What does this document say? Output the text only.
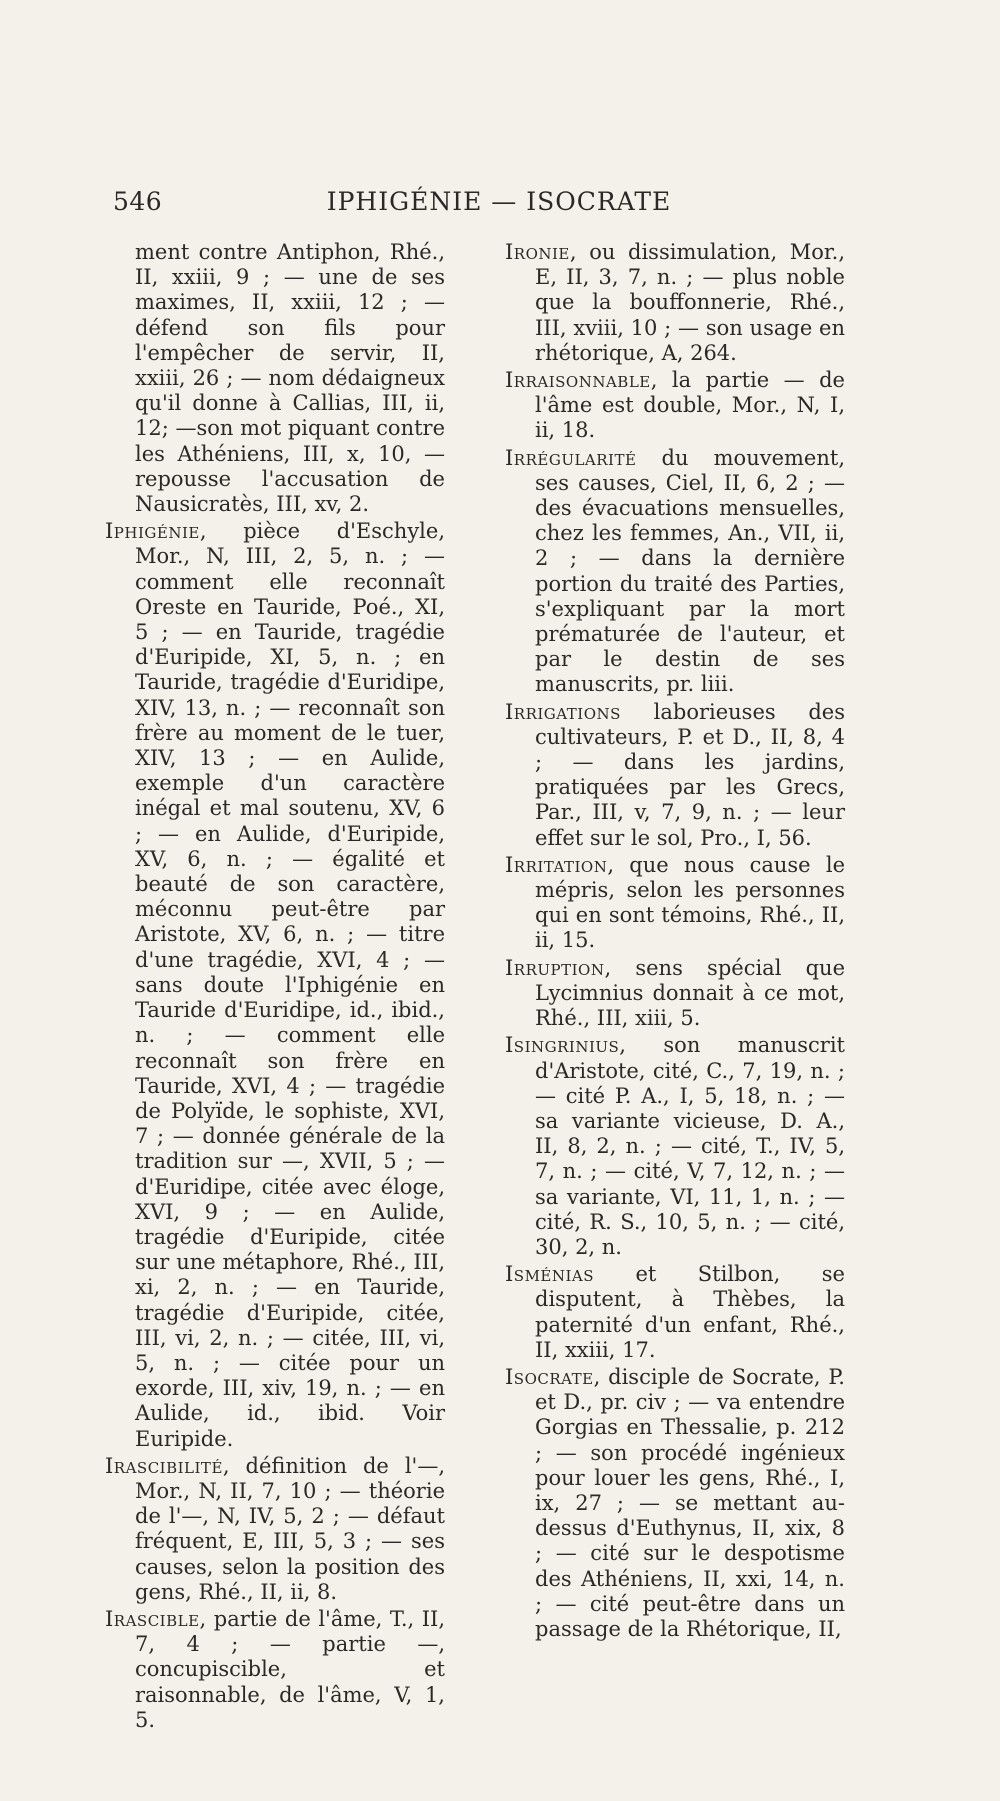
546	IPHIGÉNIE — ISOCRATE

ment contre Antiphon, Rhé., II, xxiii, 9 ; — une de ses maximes, II, xxiii, 12 ; — défend son fils pour l'empêcher de servir, II, xxiii, 26 ; — nom dédaigneux qu'il donne à Callias, III, ii, 12; —son mot piquant contre les Athéniens, III, x, 10, — repousse l'accusation de Nausicratès, III, xv, 2.

Iphigénie, pièce d'Eschyle, Mor., N, III, 2, 5, n. ; — comment elle reconnaît Oreste en Tauride, Poé., XI, 5 ; — en Tauride, tragédie d'Euripide, XI, 5, n. ; en Tauride, tragédie d'Euridipe, XIV, 13, n. ; — reconnaît son frère au moment de le tuer, XIV, 13 ; — en Aulide, exemple d'un caractère inégal et mal soutenu, XV, 6 ; — en Aulide, d'Euripide, XV, 6, n. ; — égalité et beauté de son caractère, méconnu peut-être par Aristote, XV, 6, n. ; — titre d'une tragédie, XVI, 4 ; — sans doute l'Iphigénie en Tauride d'Euridipe, id., ibid., n. ; — comment elle reconnaît son frère en Tauride, XVI, 4 ; — tragédie de Polyïde, le sophiste, XVI, 7 ; — donnée générale de la tradition sur —, XVII, 5 ; — d'Euridipe, citée avec éloge, XVI, 9 ; — en Aulide, tragédie d'Euripide, citée sur une métaphore, Rhé., III, xi, 2, n. ; — en Tauride, tragédie d'Euripide, citée, III, vi, 2, n. ; — citée, III, vi, 5, n. ; — citée pour un exorde, III, xiv, 19, n. ; — en Aulide, id., ibid. Voir Euripide.

Irascibilité, définition de l'—, Mor., N, II, 7, 10 ; — théorie de l'—, N, IV, 5, 2 ; — défaut fréquent, E, III, 5, 3 ; — ses causes, selon la position des gens, Rhé., II, ii, 8.

Irascible, partie de l'âme, T., II, 7, 4 ; — partie —, concupiscible, et raisonnable, de l'âme, V, 1, 5.

Ironie, ou dissimulation, Mor., E, II, 3, 7, n. ; — plus noble que la bouffonnerie, Rhé., III, xviii, 10 ; — son usage en rhétorique, A, 264.

Irraisonnable, la partie — de l'âme est double, Mor., N, I, ii, 18.

Irrégularité du mouvement, ses causes, Ciel, II, 6, 2 ; — des évacuations mensuelles, chez les femmes, An., VII, ii, 2 ; — dans la dernière portion du traité des Parties, s'expliquant par la mort prématurée de l'auteur, et par le destin de ses manuscrits, pr. liii.

Irrigations laborieuses des cultivateurs, P. et D., II, 8, 4 ; — dans les jardins, pratiquées par les Grecs, Par., III, v, 7, 9, n. ; — leur effet sur le sol, Pro., I, 56.

Irritation, que nous cause le mépris, selon les personnes qui en sont témoins, Rhé., II, ii, 15.

Irruption, sens spécial que Lycimnius donnait à ce mot, Rhé., III, xiii, 5.

Isingrinius, son manuscrit d'Aristote, cité, C., 7, 19, n. ; — cité P. A., I, 5, 18, n. ; — sa variante vicieuse, D. A., II, 8, 2, n. ; — cité, T., IV, 5, 7, n. ; — cité, V, 7, 12, n. ; — sa variante, VI, 11, 1, n. ; — cité, R. S., 10, 5, n. ; — cité, 30, 2, n.

Isménias et Stilbon, se disputent, à Thèbes, la paternité d'un enfant, Rhé., II, xxiii, 17.

Isocrate, disciple de Socrate, P. et D., pr. civ ; — va entendre Gorgias en Thessalie, p. 212 ; — son procédé ingénieux pour louer les gens, Rhé., I, ix, 27 ; — se mettant au-dessus d'Euthynus, II, xix, 8 ; — cité sur le despotisme des Athéniens, II, xxi, 14, n. ; — cité peut-être dans un passage de la Rhétorique, II,
